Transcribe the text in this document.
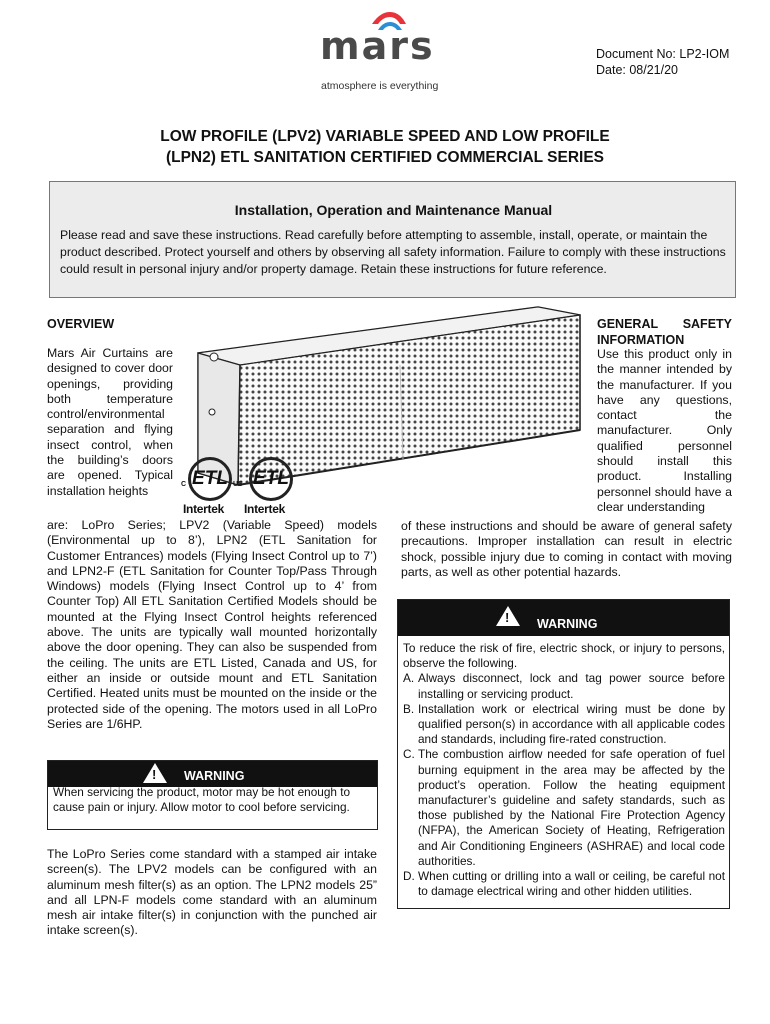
mars
atmosphere is everything
Document No: LP2-IOM
Date: 08/21/20
LOW PROFILE (LPV2) VARIABLE SPEED AND LOW PROFILE
(LPN2) ETL SANITATION CERTIFIED COMMERCIAL SERIES
Installation, Operation and Maintenance Manual
Please read and save these instructions. Read carefully before attempting to assemble, install, operate, or maintain the product described. Protect yourself and others by observing all safety information. Failure to comply with these instructions could result in personal injury and/or property damage. Retain these instructions for future reference.
OVERVIEW
Mars Air Curtains are designed to cover door openings, providing both temperature control/environmental separation and flying insect control, when the building’s doors are opened. Typical installation heights
are: LoPro Series; LPV2 (Variable Speed) models (Environmental up to 8’), LPN2 (ETL Sanitation for Customer Entrances) models (Flying Insect Control up to 7’) and LPN2-F (ETL Sanitation for Counter Top/Pass Through Windows) models (Flying Insect Control up to 4’ from Counter Top) All ETL Sanitation Certified Models should be mounted at the Flying Insect Control heights referenced above. The units are typically wall mounted horizontally above the door opening. They can also be suspended from the ceiling. The units are ETL Listed, Canada and US, for either an inside or outside mount and ETL Sanitation Certified. Heated units must be mounted on the inside or the protected side of the opening. The motors used in all LoPro Series are 1/6HP.
ETL
C	US
Intertek
ETL
Intertek
! WARNING
When servicing the product, motor may be hot enough to cause pain or injury. Allow motor to cool before servicing.
The LoPro Series come standard with a stamped air intake screen(s). The LPV2 models can be configured with an aluminum mesh filter(s) as an option. The LPN2 models 25” and all LPN-F models come standard with an aluminum mesh air intake filter(s) in conjunction with the punched air intake screen(s).
GENERAL SAFETY
INFORMATION
Use this product only in the manner intended by the manufacturer. If you have any questions, contact the manufacturer. Only qualified personnel should install this product. Installing personnel should have a clear understanding
of these instructions and should be aware of general safety precautions. Improper installation can result in electric shock, possible injury due to coming in contact with moving parts, as well as other potential hazards.
! WARNING
To reduce the risk of fire, electric shock, or injury to persons, observe the following.
A. Always disconnect, lock and tag power source before installing or servicing product.
B. Installation work or electrical wiring must be done by qualified person(s) in accordance with all applicable codes and standards, including fire-rated construction.
C. The combustion airflow needed for safe operation of fuel burning equipment in the area may be affected by the product’s operation. Follow the heating equipment manufacturer’s guideline and safety standards, such as those published by the National Fire Protection Agency (NFPA), the American Society of Heating, Refrigeration and Air Conditioning Engineers (ASHRAE) and local code authorities.
D. When cutting or drilling into a wall or ceiling, be careful not to damage electrical wiring and other hidden utilities.
